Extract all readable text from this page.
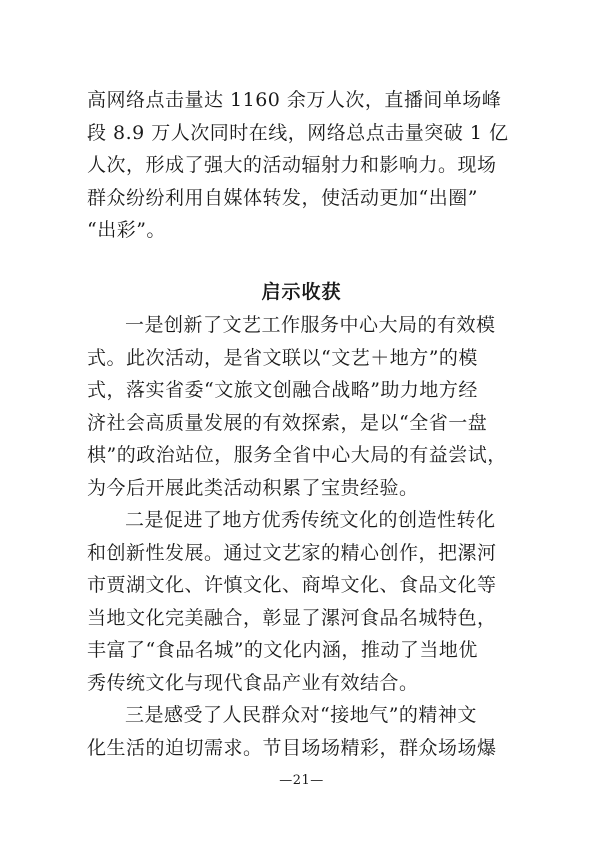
高网络点击量达 1160 余万人次，直播间单场峰
段 8.9 万人次同时在线，网络总点击量突破 1 亿
人次，形成了强大的活动辐射力和影响力。现场
群众纷纷利用自媒体转发，使活动更加“出圈”
“出彩”。
启示收获
一是创新了文艺工作服务中心大局的有效模
式。此次活动，是省文联以“文艺＋地方”的模
式，落实省委“文旅文创融合战略”助力地方经
济社会高质量发展的有效探索，是以“全省一盘
棋”的政治站位，服务全省中心大局的有益尝试，
为今后开展此类活动积累了宝贵经验。
二是促进了地方优秀传统文化的创造性转化
和创新性发展。通过文艺家的精心创作，把漯河
市贾湖文化、许慎文化、商埠文化、食品文化等
当地文化完美融合，彰显了漯河食品名城特色，
丰富了“食品名城”的文化内涵，推动了当地优
秀传统文化与现代食品产业有效结合。
三是感受了人民群众对“接地气”的精神文
化生活的迫切需求。节目场场精彩，群众场场爆
—21—
